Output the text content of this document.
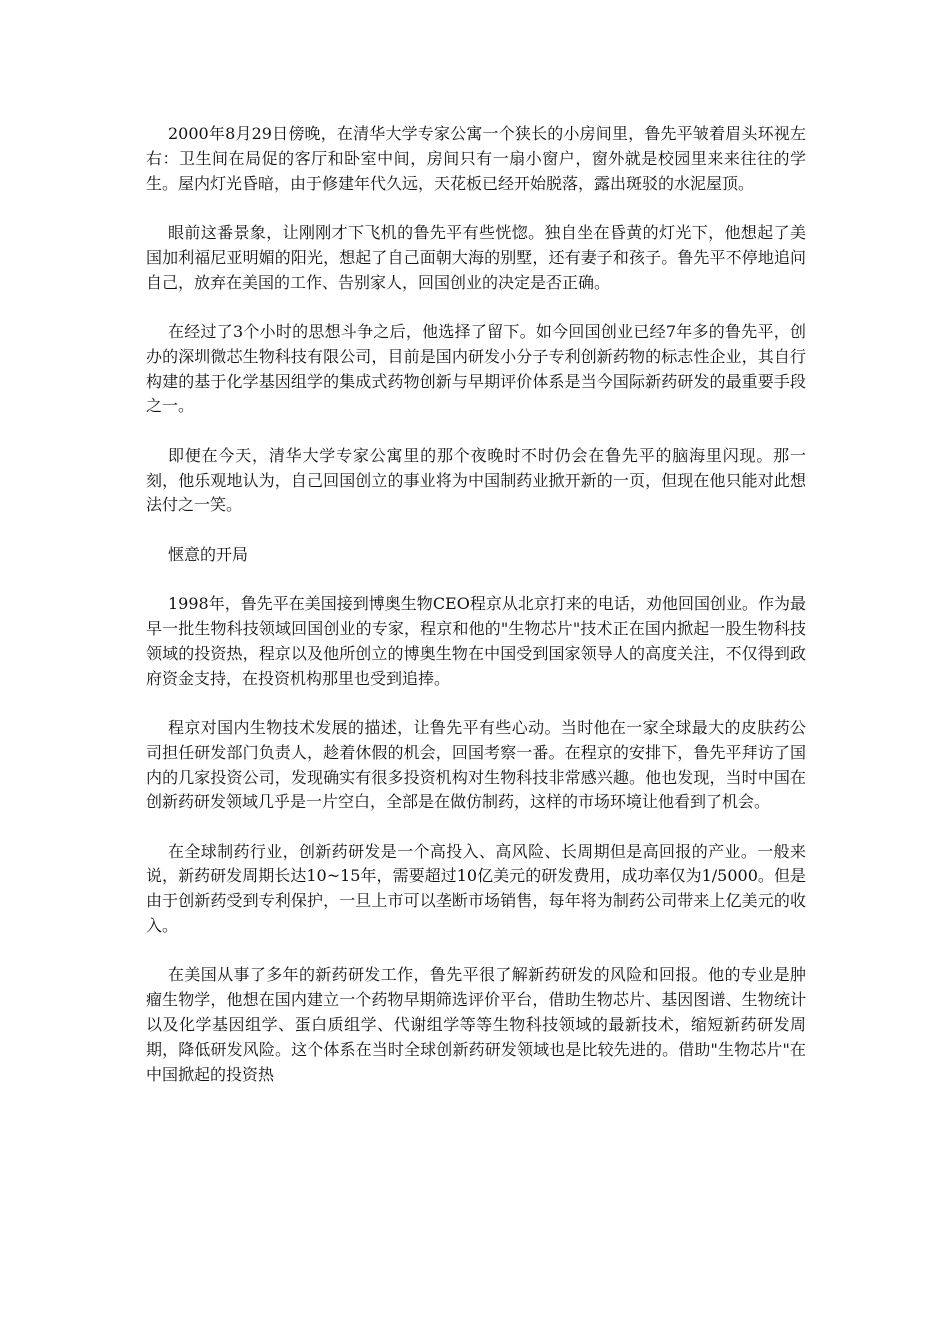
2000年8月29日傍晚，在清华大学专家公寓一个狭长的小房间里，鲁先平皱着眉头环视左右：卫生间在局促的客厅和卧室中间，房间只有一扇小窗户，窗外就是校园里来来往往的学生。屋内灯光昏暗，由于修建年代久远，天花板已经开始脱落，露出斑驳的水泥屋顶。

眼前这番景象，让刚刚才下飞机的鲁先平有些恍惚。独自坐在昏黄的灯光下，他想起了美国加利福尼亚明媚的阳光，想起了自己面朝大海的别墅，还有妻子和孩子。鲁先平不停地追问自己，放弃在美国的工作、告别家人，回国创业的决定是否正确。

在经过了3个小时的思想斗争之后，他选择了留下。如今回国创业已经7年多的鲁先平，创办的深圳微芯生物科技有限公司，目前是国内研发小分子专利创新药物的标志性企业，其自行构建的基于化学基因组学的集成式药物创新与早期评价体系是当今国际新药研发的最重要手段之一。

即便在今天，清华大学专家公寓里的那个夜晚时不时仍会在鲁先平的脑海里闪现。那一刻，他乐观地认为，自己回国创立的事业将为中国制药业掀开新的一页，但现在他只能对此想法付之一笑。

惬意的开局

1998年，鲁先平在美国接到博奥生物CEO程京从北京打来的电话，劝他回国创业。作为最早一批生物科技领域回国创业的专家，程京和他的"生物芯片"技术正在国内掀起一股生物科技领域的投资热，程京以及他所创立的博奥生物在中国受到国家领导人的高度关注，不仅得到政府资金支持，在投资机构那里也受到追捧。

程京对国内生物技术发展的描述，让鲁先平有些心动。当时他在一家全球最大的皮肤药公司担任研发部门负责人，趁着休假的机会，回国考察一番。在程京的安排下，鲁先平拜访了国内的几家投资公司，发现确实有很多投资机构对生物科技非常感兴趣。他也发现，当时中国在创新药研发领域几乎是一片空白，全部是在做仿制药，这样的市场环境让他看到了机会。

在全球制药行业，创新药研发是一个高投入、高风险、长周期但是高回报的产业。一般来说，新药研发周期长达10~15年，需要超过10亿美元的研发费用，成功率仅为1/5000。但是由于创新药受到专利保护，一旦上市可以垄断市场销售，每年将为制药公司带来上亿美元的收入。

在美国从事了多年的新药研发工作，鲁先平很了解新药研发的风险和回报。他的专业是肿瘤生物学，他想在国内建立一个药物早期筛选评价平台，借助生物芯片、基因图谱、生物统计以及化学基因组学、蛋白质组学、代谢组学等等生物科技领域的最新技术，缩短新药研发周期，降低研发风险。这个体系在当时全球创新药研发领域也是比较先进的。借助"生物芯片"在中国掀起的投资热
